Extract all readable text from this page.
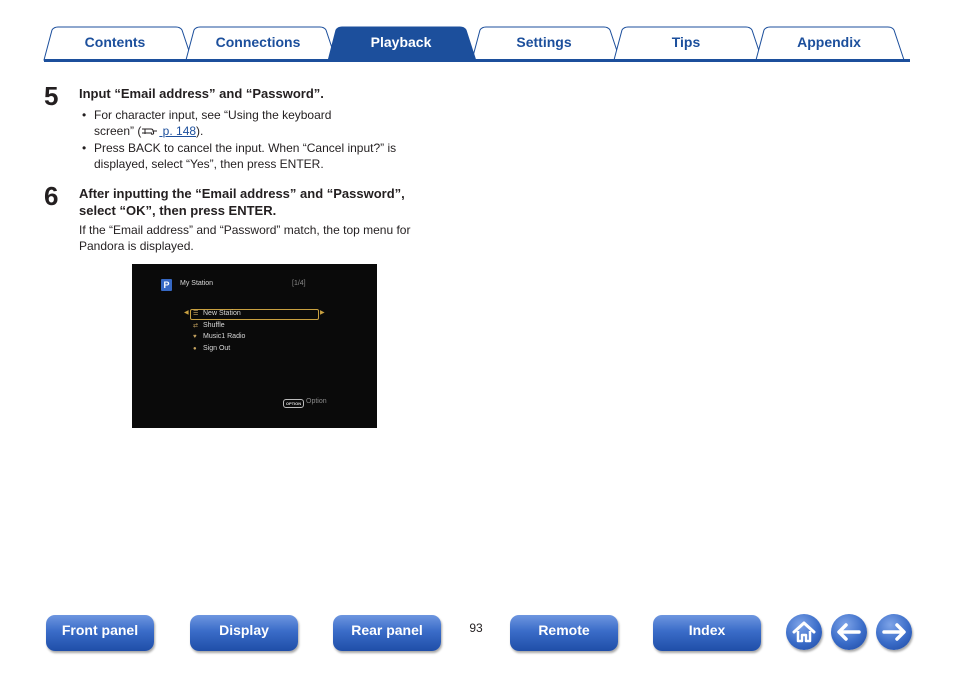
Contents	Connections	Playback	Settings	Tips	Appendix
5 Input “Email address” and “Password”.
• For character input, see “Using the keyboard
screen” ( p. 148).
• Press BACK to cancel the input. When “Cancel input?” is
displayed, select “Yes”, then press ENTER.
6 After inputting the “Email address” and “Password”,
select “OK”, then press ENTER.
If the “Email address” and “Password” match, the top menu for
Pandora is displayed.
P	My Station	[1/4]
◀	▶
☰ New Station
⇄ Shuffle
♥ Music1 Radio
● Sign Out
OPTION Option
Front panel	Display	Rear panel	93	Remote	Index
